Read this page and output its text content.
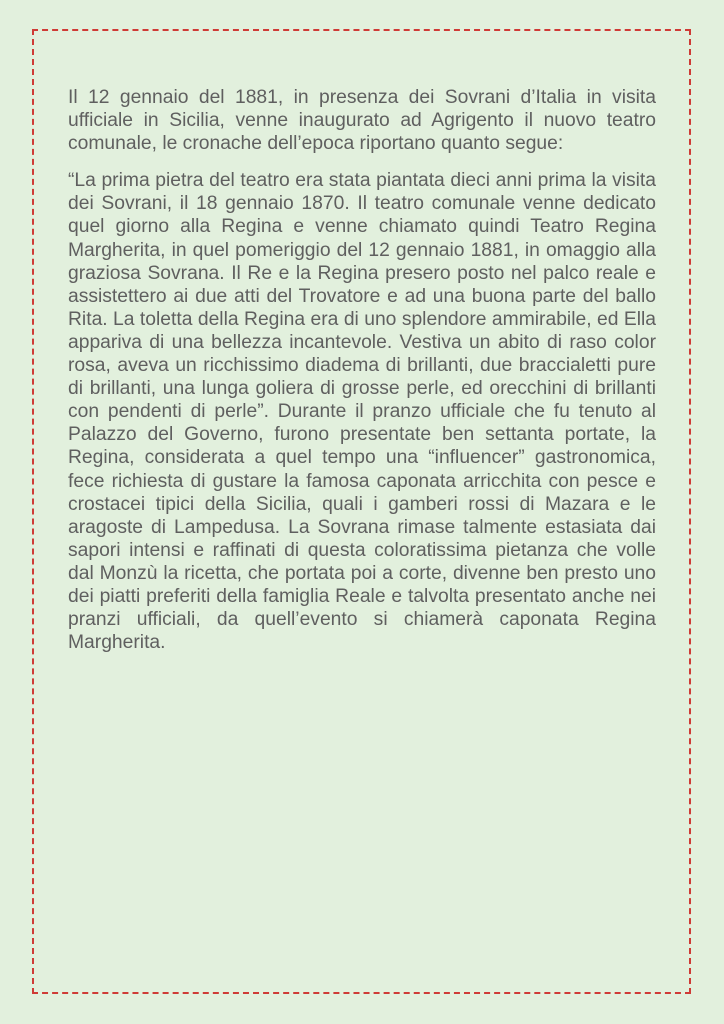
Il 12 gennaio del 1881, in presenza dei Sovrani d’Italia in visita ufficiale in Sicilia, venne inaugurato ad Agrigento il nuovo teatro comunale, le cronache dell’epoca riportano quanto segue:

“La prima pietra del teatro era stata piantata dieci anni prima la visita dei Sovrani, il 18 gennaio 1870. Il teatro comunale venne dedicato quel giorno alla Regina e venne chiamato quindi Teatro Regina Margherita, in quel pomeriggio del 12 gennaio 1881, in omaggio alla graziosa Sovrana. Il Re e la Regina presero posto nel palco reale e assistettero ai due atti del Trovatore e ad una buona parte del ballo Rita. La toletta della Regina era di uno splendore ammirabile, ed Ella appariva di una bellezza incantevole. Vestiva un abito di raso color rosa, aveva un ricchissimo diadema di brillanti, due braccialetti pure di brillanti, una lunga goliera di grosse perle, ed orecchini di brillanti con pendenti di perle”. Durante il pranzo ufficiale che fu tenuto al Palazzo del Governo, furono presentate ben settanta portate, la Regina, considerata a quel tempo una “influencer” gastronomica, fece richiesta di gustare la famosa caponata arricchita con pesce e crostacei tipici della Sicilia, quali i gamberi rossi di Mazara e le aragoste di Lampedusa. La Sovrana rimase talmente estasiata dai sapori intensi e raffinati di questa coloratissima pietanza che volle dal Monzù la ricetta, che portata poi a corte, divenne ben presto uno dei piatti preferiti della famiglia Reale e talvolta presentato anche nei pranzi ufficiali, da quell’evento si chiamerà caponata Regina Margherita.
